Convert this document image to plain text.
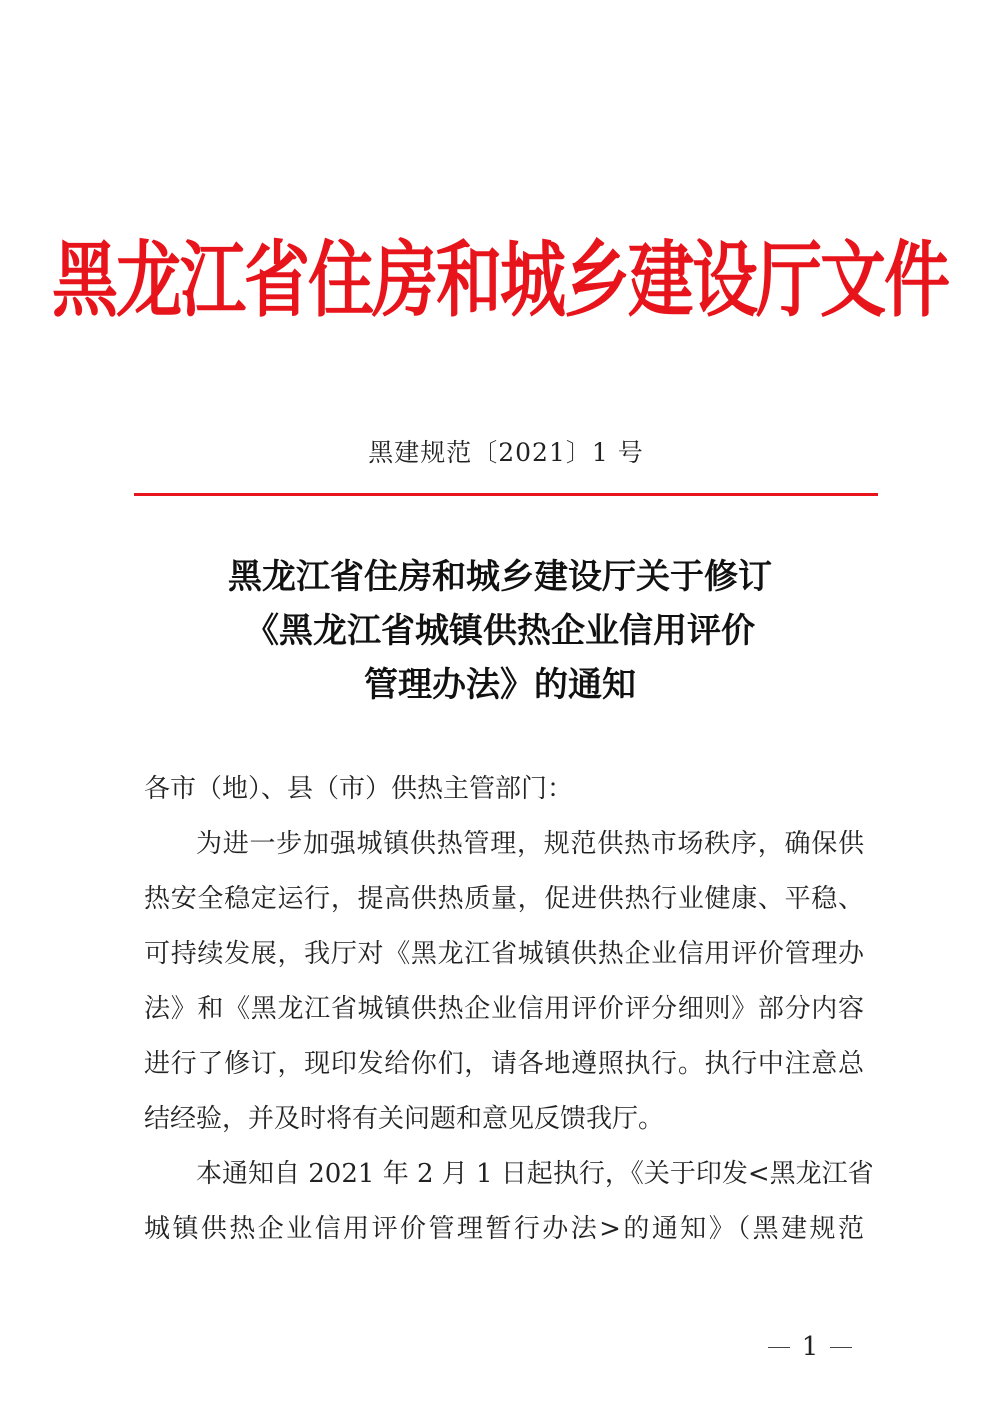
黑龙江省住房和城乡建设厅文件
黑建规范〔2021〕1 号
黑龙江省住房和城乡建设厅关于修订
《黑龙江省城镇供热企业信用评价
管理办法》的通知

各市（地）、县（市）供热主管部门：

为进一步加强城镇供热管理，规范供热市场秩序，确保供
热安全稳定运行，提高供热质量，促进供热行业健康、平稳、
可持续发展，我厅对《黑龙江省城镇供热企业信用评价管理办
法》和《黑龙江省城镇供热企业信用评价评分细则》部分内容
进行了修订，现印发给你们，请各地遵照执行。执行中注意总
结经验，并及时将有关问题和意见反馈我厅。

本通知自 2021 年 2 月 1 日起执行，《关于印发<黑龙江省
城镇供热企业信用评价管理暂行办法>的通知》（黑建规范

1
